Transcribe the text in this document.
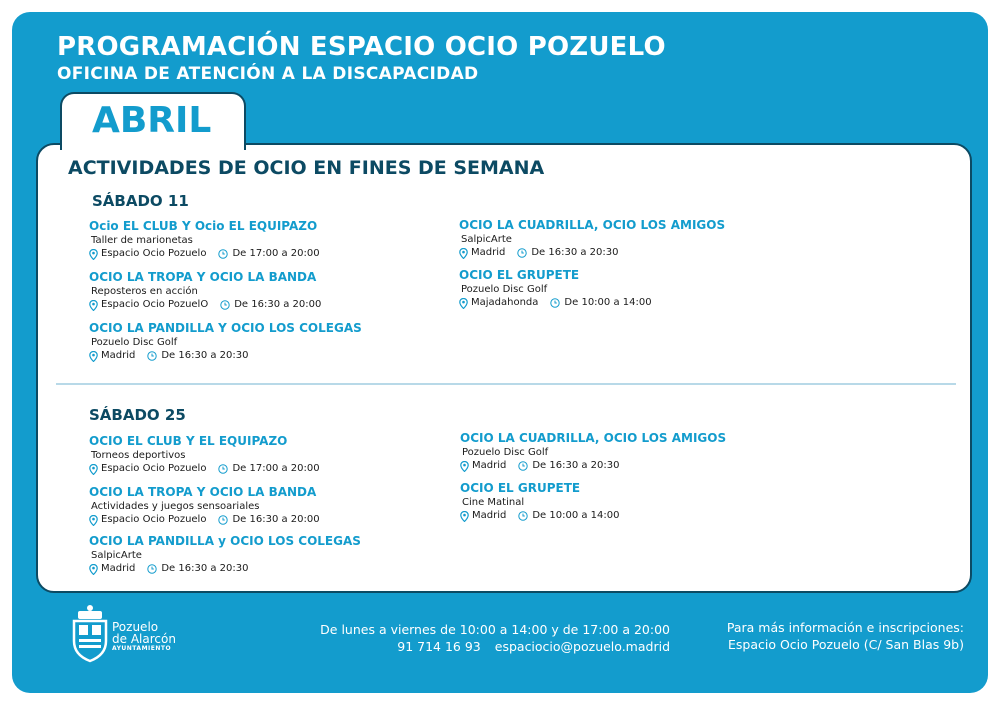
PROGRAMACIÓN ESPACIO OCIO POZUELO
OFICINA DE ATENCIÓN A LA DISCAPACIDAD
ABRIL
ACTIVIDADES DE OCIO EN FINES DE SEMANA
SÁBADO 11
SÁBADO 25
Ocio EL CLUB Y Ocio EL EQUIPAZO
Taller de marionetas
Espacio Ocio Pozuelo	De 17:00 a 20:00
OCIO LA TROPA Y OCIO LA BANDA
Reposteros en acción
Espacio Ocio PozuelO	De 16:30 a 20:00
OCIO LA PANDILLA Y OCIO LOS COLEGAS
Pozuelo Disc Golf
Madrid	De 16:30 a 20:30
OCIO LA CUADRILLA, OCIO LOS AMIGOS
SalpicArte
Madrid	De 16:30 a 20:30
OCIO EL GRUPETE
Pozuelo Disc Golf
Majadahonda	De 10:00 a 14:00
OCIO EL CLUB Y EL EQUIPAZO
Torneos deportivos
Espacio Ocio Pozuelo	De 17:00 a 20:00
OCIO LA TROPA Y OCIO LA BANDA
Actividades y juegos sensoariales
Espacio Ocio Pozuelo	De 16:30 a 20:00
OCIO LA PANDILLA y OCIO LOS COLEGAS
SalpicArte
Madrid	De 16:30 a 20:30
OCIO LA CUADRILLA, OCIO LOS AMIGOS
Pozuelo Disc Golf
Madrid	De 16:30 a 20:30
OCIO EL GRUPETE
Cine Matinal
Madrid	De 10:00 a 14:00
Pozuelo
de Alarcón
AYUNTAMIENTO
De lunes a viernes de 10:00 a 14:00 y de 17:00 a 20:00
91 714 16 93 espaciocio@pozuelo.madrid
Para más información e inscripciones:
Espacio Ocio Pozuelo (C/ San Blas 9b)
